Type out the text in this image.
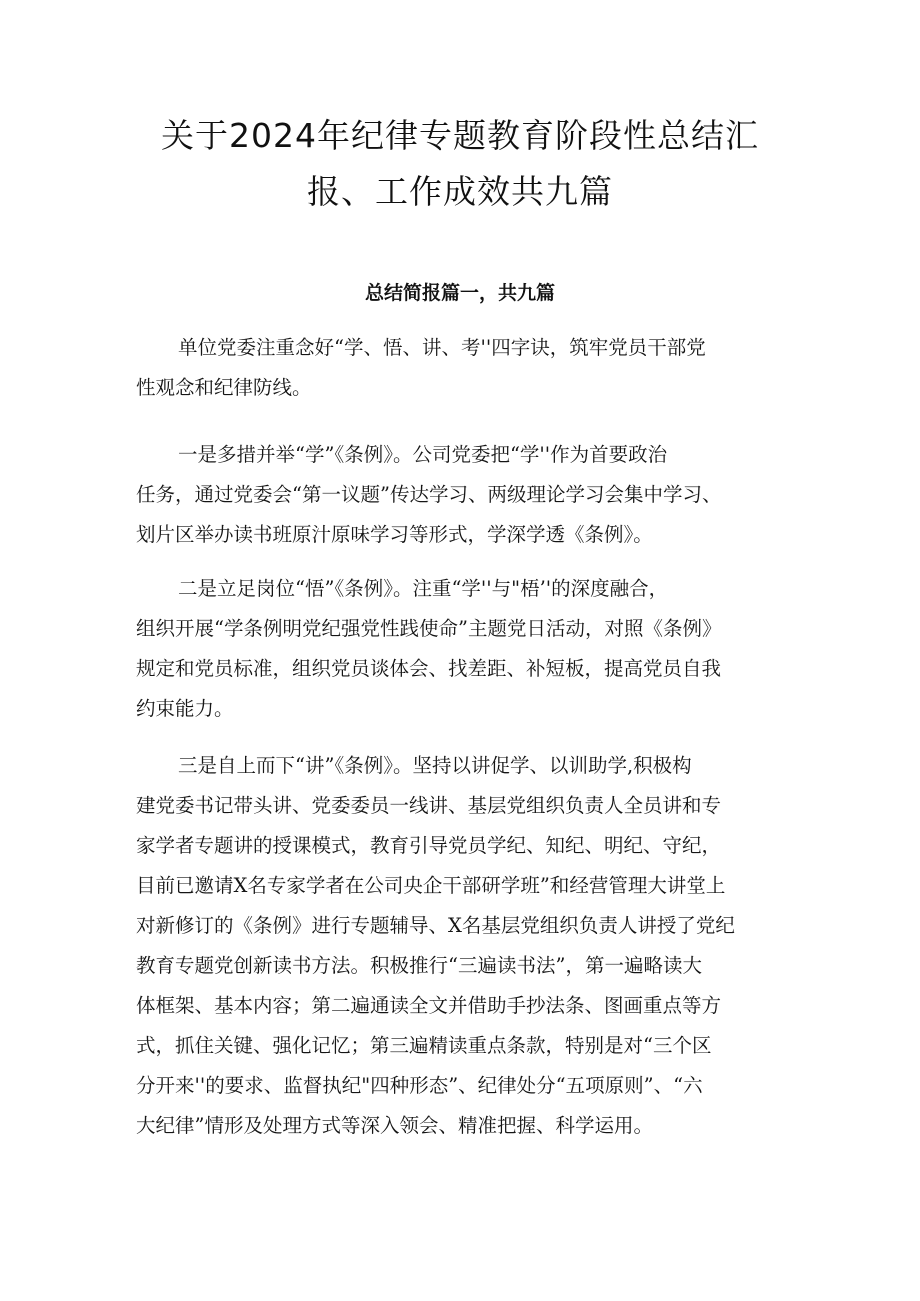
关于2024年纪律专题教育阶段性总结汇
报、工作成效共九篇
总结简报篇一，共九篇
单位党委注重念好“学、悟、讲、考''四字诀，筑牢党员干部党
性观念和纪律防线。
一是多措并举“学”《条例》。公司党委把“学''作为首要政治
任务，通过党委会“第一议题”传达学习、两级理论学习会集中学习、
划片区举办读书班原汁原味学习等形式，学深学透《条例》。
二是立足岗位“悟”《条例》。注重“学''与"梧’'的深度融合，
组织开展“学条例明党纪强党性践使命”主题党日活动，对照《条例》
规定和党员标准，组织党员谈体会、找差距、补短板，提高党员自我
约束能力。
三是自上而下“讲”《条例》。坚持以讲促学、以训助学,积极构
建党委书记带头讲、党委委员一线讲、基层党组织负责人全员讲和专
家学者专题讲的授课模式，教育引导党员学纪、知纪、明纪、守纪，
目前已邀请X名专家学者在公司央企干部研学班”和经营管理大讲堂上
对新修订的《条例》进行专题辅导、X名基层党组织负责人讲授了党纪
教育专题党创新读书方法。积极推行“三遍读书法”，第一遍略读大
体框架、基本内容；第二遍通读全文并借助手抄法条、图画重点等方
式，抓住关键、强化记忆；第三遍精读重点条款，特别是对“三个区
分开来''的要求、监督执纪"四种形态”、纪律处分“五项原则”、“六
大纪律”情形及处理方式等深入领会、精准把握、科学运用。
